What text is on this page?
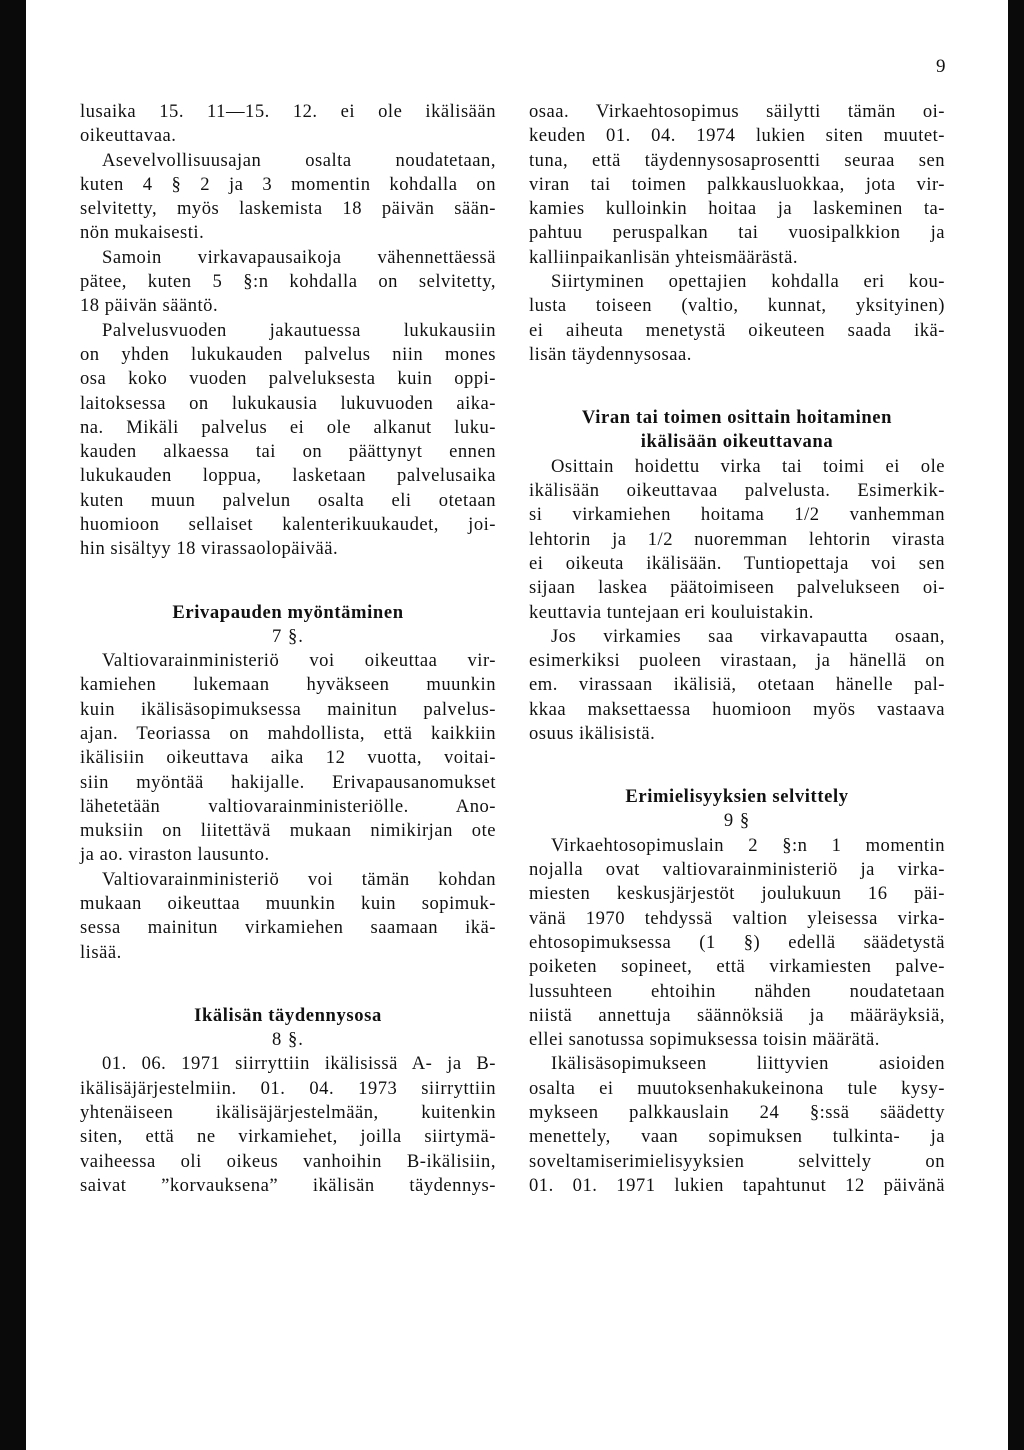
9
lusaika 15. 11—15. 12. ei ole ikälisään
oikeuttavaa.
Asevelvollisuusajan osalta noudatetaan,
kuten 4 § 2 ja 3 momentin kohdalla on
selvitetty, myös laskemista 18 päivän sään-
nön mukaisesti.
Samoin virkavapausaikoja vähennettäessä
pätee, kuten 5 §:n kohdalla on selvitetty,
18 päivän sääntö.
Palvelusvuoden jakautuessa lukukausiin
on yhden lukukauden palvelus niin mones
osa koko vuoden palveluksesta kuin oppi-
laitoksessa on lukukausia lukuvuoden aika-
na. Mikäli palvelus ei ole alkanut luku-
kauden alkaessa tai on päättynyt ennen
lukukauden loppua, lasketaan palvelusaika
kuten muun palvelun osalta eli otetaan
huomioon sellaiset kalenterikuukaudet, joi-
hin sisältyy 18 virassaolopäivää.
Erivapauden myöntäminen
7 §.
Valtiovarainministeriö voi oikeuttaa vir-
kamiehen lukemaan hyväkseen muunkin
kuin ikälisäsopimuksessa mainitun palvelus-
ajan. Teoriassa on mahdollista, että kaikkiin
ikälisiin oikeuttava aika 12 vuotta, voitai-
siin myöntää hakijalle. Erivapausanomukset
lähetetään valtiovarainministeriölle. Ano-
muksiin on liitettävä mukaan nimikirjan ote
ja ao. viraston lausunto.
Valtiovarainministeriö voi tämän kohdan
mukaan oikeuttaa muunkin kuin sopimuk-
sessa mainitun virkamiehen saamaan ikä-
lisää.
Ikälisän täydennysosa
8 §.
01. 06. 1971 siirryttiin ikälisissä A- ja B-
ikälisäjärjestelmiin. 01. 04. 1973 siirryttiin
yhtenäiseen ikälisäjärjestelmään, kuitenkin
siten, että ne virkamiehet, joilla siirtymä-
vaiheessa oli oikeus vanhoihin B-ikälisiin,
saivat ”korvauksena” ikälisän täydennys-
osaa. Virkaehtosopimus säilytti tämän oi-
keuden 01. 04. 1974 lukien siten muutet-
tuna, että täydennysosaprosentti seuraa sen
viran tai toimen palkkausluokkaa, jota vir-
kamies kulloinkin hoitaa ja laskeminen ta-
pahtuu peruspalkan tai vuosipalkkion ja
kalliinpaikanlisän yhteismäärästä.
Siirtyminen opettajien kohdalla eri kou-
lusta toiseen (valtio, kunnat, yksityinen)
ei aiheuta menetystä oikeuteen saada ikä-
lisän täydennysosaa.
Viran tai toimen osittain hoitaminen
ikälisään oikeuttavana
Osittain hoidettu virka tai toimi ei ole
ikälisään oikeuttavaa palvelusta. Esimerkik-
si virkamiehen hoitama 1/2 vanhemman
lehtorin ja 1/2 nuoremman lehtorin virasta
ei oikeuta ikälisään. Tuntiopettaja voi sen
sijaan laskea päätoimiseen palvelukseen oi-
keuttavia tuntejaan eri kouluistakin.
Jos virkamies saa virkavapautta osaan,
esimerkiksi puoleen virastaan, ja hänellä on
em. virassaan ikälisiä, otetaan hänelle pal-
kkaa maksettaessa huomioon myös vastaava
osuus ikälisistä.
Erimielisyyksien selvittely
9 §
Virkaehtosopimuslain 2 §:n 1 momentin
nojalla ovat valtiovarainministeriö ja virka-
miesten keskusjärjestöt joulukuun 16 päi-
vänä 1970 tehdyssä valtion yleisessa virka-
ehtosopimuksessa (1 §) edellä säädetystä
poiketen sopineet, että virkamiesten palve-
lussuhteen ehtoihin nähden noudatetaan
niistä annettuja säännöksiä ja määräyksiä,
ellei sanotussa sopimuksessa toisin määrätä.
Ikälisäsopimukseen liittyvien asioiden
osalta ei muutoksenhakukeinona tule kysy-
mykseen palkkauslain 24 §:ssä säädetty
menettely, vaan sopimuksen tulkinta- ja
soveltamiserimielisyyksien selvittely on
01. 01. 1971 lukien tapahtunut 12 päivänä
